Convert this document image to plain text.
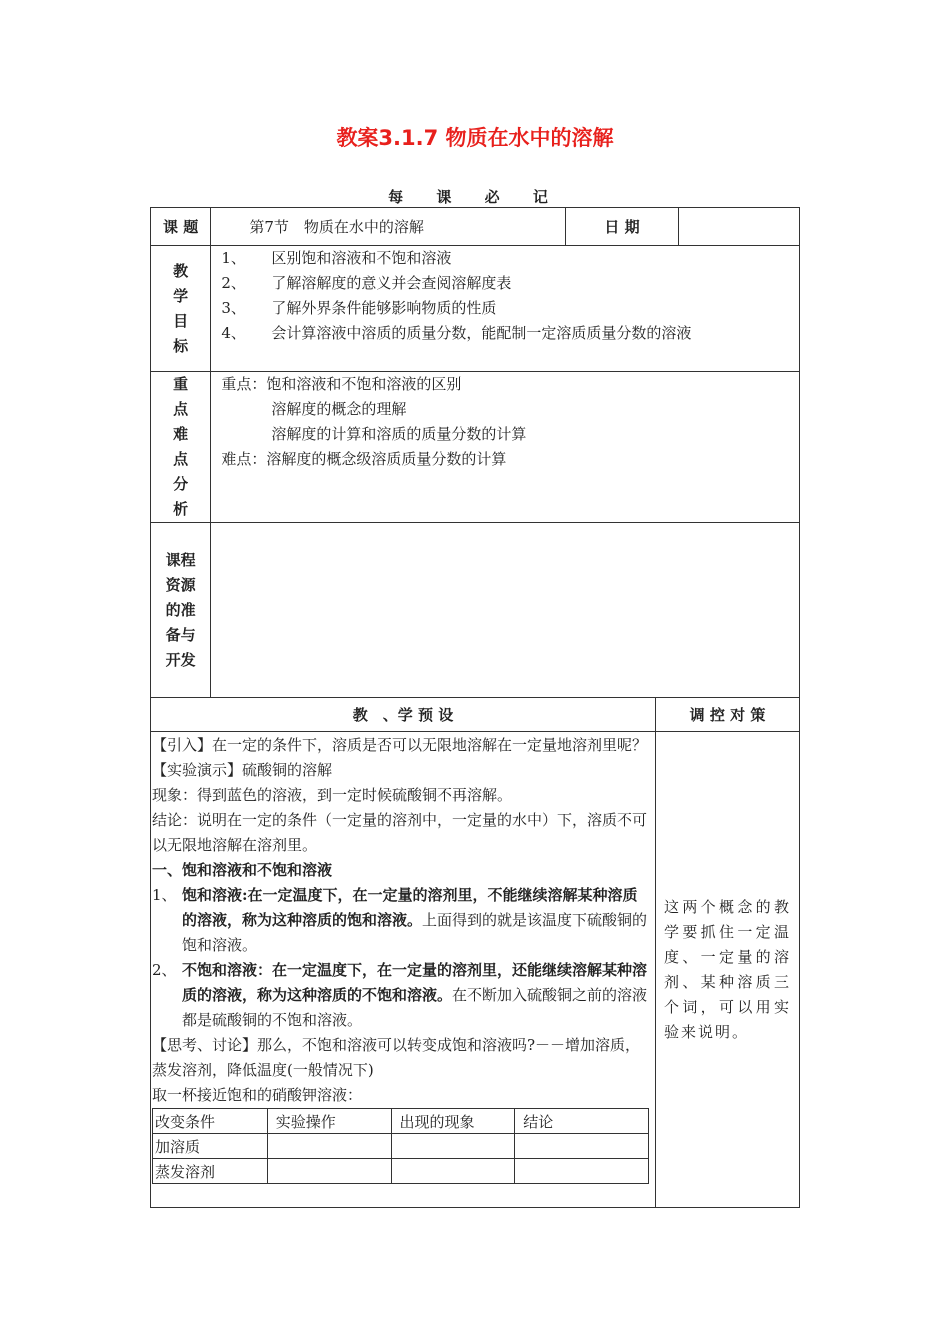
教案3.1.7 物质在水中的溶解
每 课 必 记
课 题	第7节　物质在水中的溶解	日 期	

教
学
目
标

1、 区别饱和溶液和不饱和溶液
2、 了解溶解度的意义并会查阅溶解度表
3、 了解外界条件能够影响物质的性质
4、 会计算溶液中溶质的质量分数，能配制一定溶质质量分数的溶液

重
点
难
点
分
析

重点：饱和溶液和不饱和溶液的区别
溶解度的概念的理解
溶解度的计算和溶质的质量分数的计算
难点：溶解度的概念级溶质质量分数的计算

课程
资源
的准
备与
开发

教　、学 预 设	调 控 对 策

【引入】在一定的条件下，溶质是否可以无限地溶解在一定量地溶剂里呢？
【实验演示】硫酸铜的溶解
现象：得到蓝色的溶液，到一定时候硫酸铜不再溶解。
结论：说明在一定的条件（一定量的溶剂中，一定量的水中）下，溶质不可以无限地溶解在溶剂里。
一、饱和溶液和不饱和溶液
1、 饱和溶液:在一定温度下，在一定量的溶剂里，不能继续溶解某种溶质的溶液，称为这种溶质的饱和溶液。上面得到的就是该温度下硫酸铜的饱和溶液。
2、 不饱和溶液：在一定温度下，在一定量的溶剂里，还能继续溶解某种溶质的溶液，称为这种溶质的不饱和溶液。在不断加入硫酸铜之前的溶液都是硫酸铜的不饱和溶液。
【思考、讨论】那么，不饱和溶液可以转变成饱和溶液吗?－－增加溶质，蒸发溶剂，降低温度(一般情况下)
取一杯接近饱和的硝酸钾溶液：
改变条件	实验操作	出现的现象	结论
加溶质			
蒸发溶剂			

这两个概念的教学要抓住一定温度、一定量的溶剂、某种溶质三个词，可以用实验来说明。
